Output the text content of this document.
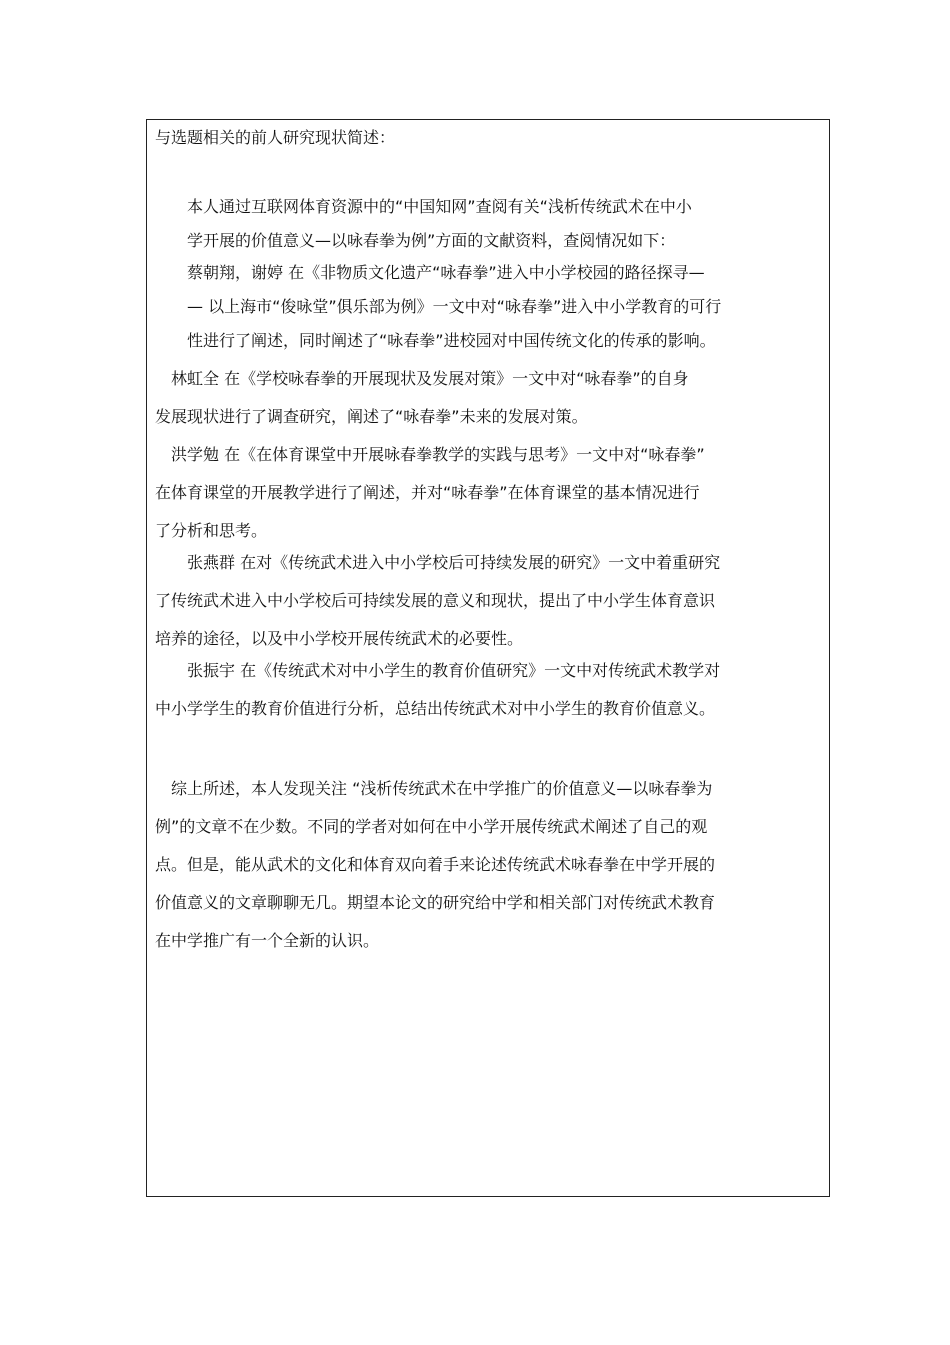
与选题相关的前人研究现状简述：
　　本人通过互联网体育资源中的“中国知网”查阅有关“浅析传统武术在中小
　　学开展的价值意义—以咏春拳为例”方面的文献资料，查阅情况如下：
　　蔡朝翔，谢婷 在《非物质文化遗产“咏春拳”进入中小学校园的路径探寻—
　　— 以上海市“俊咏堂”俱乐部为例》一文中对“咏春拳”进入中小学教育的可行
　　性进行了阐述，同时阐述了“咏春拳”进校园对中国传统文化的传承的影响。
　林虹全 在《学校咏春拳的开展现状及发展对策》一文中对“咏春拳”的自身
发展现状进行了调查研究，阐述了“咏春拳”未来的发展对策。
　洪学勉 在《在体育课堂中开展咏春拳教学的实践与思考》一文中对“咏春拳”
在体育课堂的开展教学进行了阐述，并对“咏春拳”在体育课堂的基本情况进行
了分析和思考。
　　张燕群 在对《传统武术进入中小学校后可持续发展的研究》一文中着重研究
了传统武术进入中小学校后可持续发展的意义和现状，提出了中小学生体育意识
培养的途径，以及中小学校开展传统武术的必要性。
　　张振宇 在《传统武术对中小学生的教育价值研究》一文中对传统武术教学对
中小学学生的教育价值进行分析，总结出传统武术对中小学生的教育价值意义。
　综上所述，本人发现关注 “浅析传统武术在中学推广的价值意义—以咏春拳为
例”的文章不在少数。不同的学者对如何在中小学开展传统武术阐述了自己的观
点。但是，能从武术的文化和体育双向着手来论述传统武术咏春拳在中学开展的
价值意义的文章聊聊无几。期望本论文的研究给中学和相关部门对传统武术教育
在中学推广有一个全新的认识。
